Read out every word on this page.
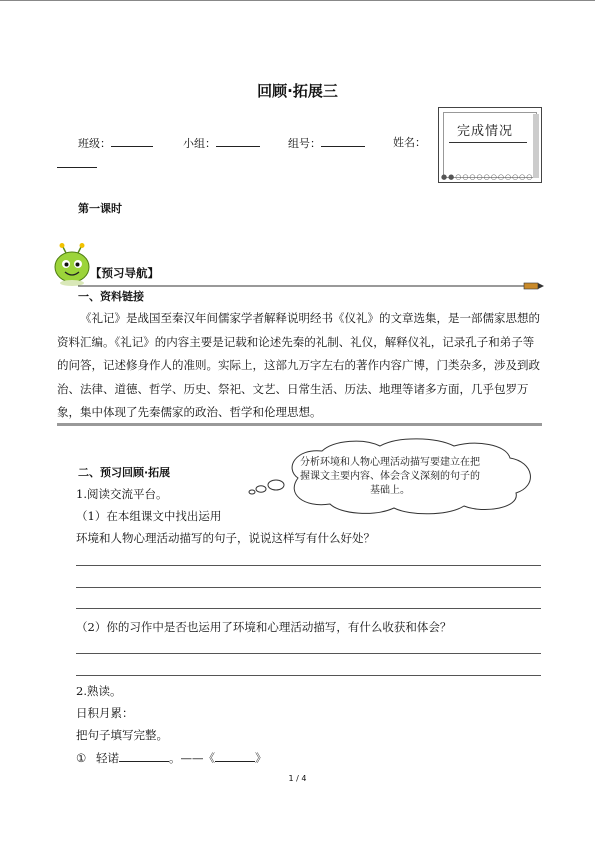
回顾·拓展三
班级：	小组：	组号：	姓名：
完成情况
●●○○○○○○○○○○○
第一课时
【预习导航】
一、资料链接
《礼记》是战国至秦汉年间儒家学者解释说明经书《仪礼》的文章选集，是一部儒家思想的资料汇编。《礼记》的内容主要是记载和论述先秦的礼制、礼仪，解释仪礼，记录孔子和弟子等的问答，记述修身作人的准则。实际上，这部九万字左右的著作内容广博，门类杂多，涉及到政治、法律、道德、哲学、历史、祭祀、文艺、日常生活、历法、地理等诸多方面，几乎包罗万象，集中体现了先秦儒家的政治、哲学和伦理思想。
分析环境和人物心理活动描写要建立在把握课文主要内容、体会含义深刻的句子的基础上。
二、预习回顾·拓展
1.阅读交流平台。
（1）在本组课文中找出运用
环境和人物心理活动描写的句子，说说这样写有什么好处？
（2）你的习作中是否也运用了环境和心理活动描写，有什么收获和体会？
2.熟读。
日积月累：
把句子填写完整。
① 轻诺	。——《	》
1 / 4
